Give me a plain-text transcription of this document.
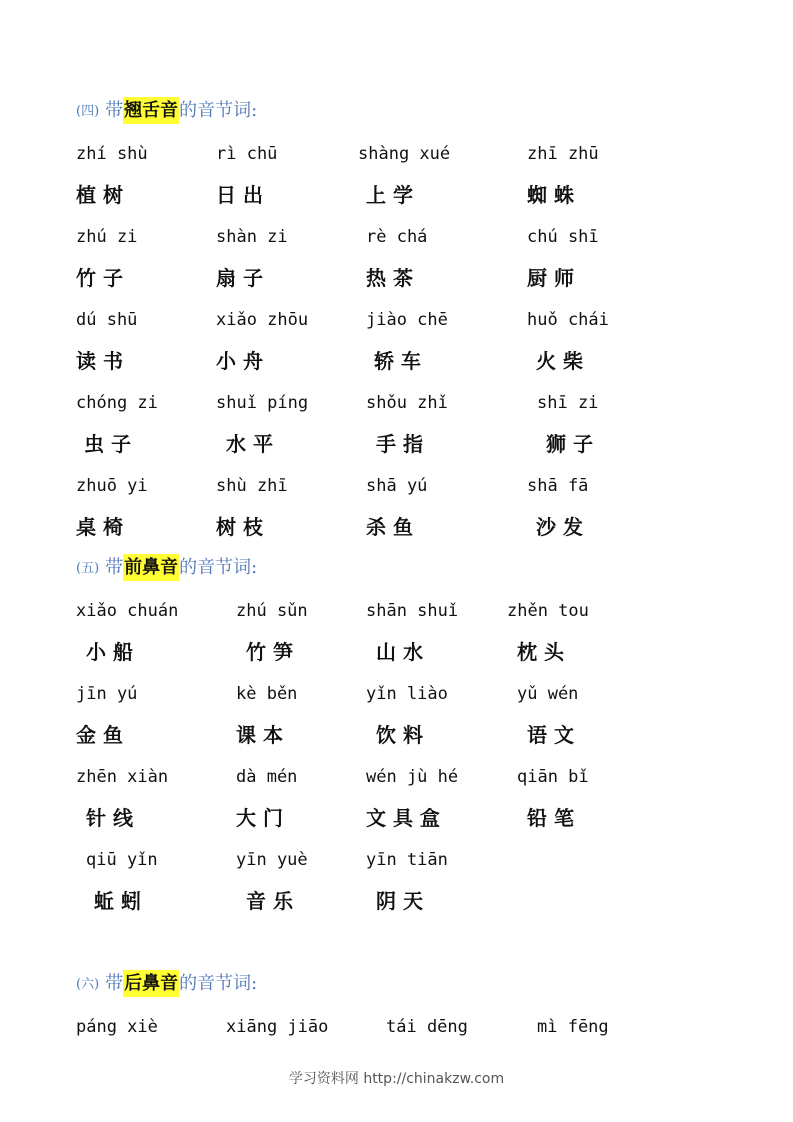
(四) 带翘舌音的音节词:
zhí shù	rì chū	shàng xué	zhī zhū
植 树	日 出	上 学	蜘 蛛
zhú zi	shàn zi	rè chá	chú shī
竹 子	扇 子	热 茶	厨 师
dú shū	xiǎo zhōu	jiào chē	huǒ chái
读 书	小 舟	轿 车	火 柴
chóng zi	shuǐ píng	shǒu zhǐ	shī zi
虫 子	水 平	手 指	狮 子
zhuō yi	shù zhī	shā yú	shā fā
桌 椅	树 枝	杀 鱼	沙 发
(五) 带前鼻音的音节词:
xiǎo chuán	zhú sǔn	shān shuǐ	zhěn tou
小 船	竹 笋	山 水	枕 头
jīn yú	kè běn	yǐn liào	yǔ wén
金 鱼	课 本	饮 料	语 文
zhēn xiàn	dà mén	wén jù hé	qiān bǐ
针 线	大 门	文 具 盒	铅 笔
qiū yǐn	yīn yuè	yīn tiān
蚯 蚓	音 乐	阴 天
(六) 带后鼻音的音节词:
páng xiè	xiāng jiāo	tái dēng	mì fēng
学习资料网 http://chinakzw.com
